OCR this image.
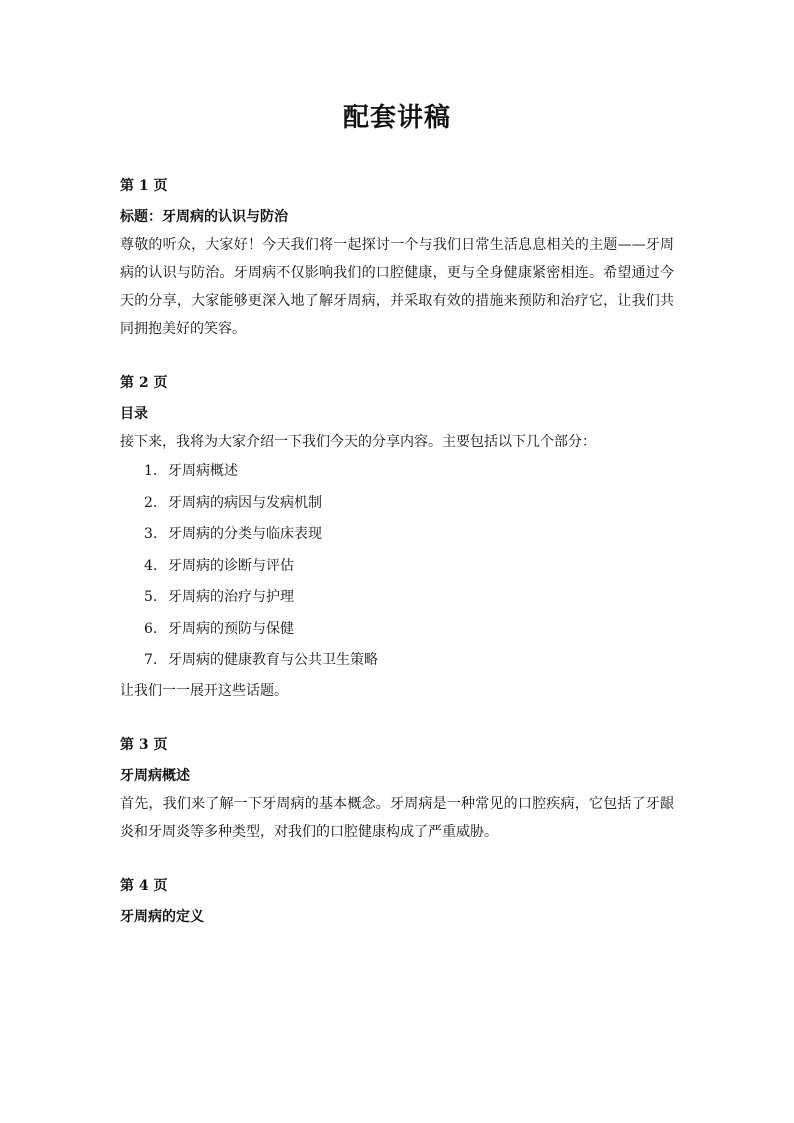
配套讲稿
第 1 页
标题：牙周病的认识与防治

尊敬的听众，大家好！今天我们将一起探讨一个与我们日常生活息息相关的主题——牙周病的认识与防治。牙周病不仅影响我们的口腔健康，更与全身健康紧密相连。希望通过今天的分享，大家能够更深入地了解牙周病，并采取有效的措施来预防和治疗它，让我们共同拥抱美好的笑容。

第 2 页
目录

接下来，我将为大家介绍一下我们今天的分享内容。主要包括以下几个部分：

1. 牙周病概述
2. 牙周病的病因与发病机制
3. 牙周病的分类与临床表现
4. 牙周病的诊断与评估
5. 牙周病的治疗与护理
6. 牙周病的预防与保健
7. 牙周病的健康教育与公共卫生策略

让我们一一展开这些话题。

第 3 页
牙周病概述

首先，我们来了解一下牙周病的基本概念。牙周病是一种常见的口腔疾病，它包括了牙龈炎和牙周炎等多种类型，对我们的口腔健康构成了严重威胁。

第 4 页
牙周病的定义
